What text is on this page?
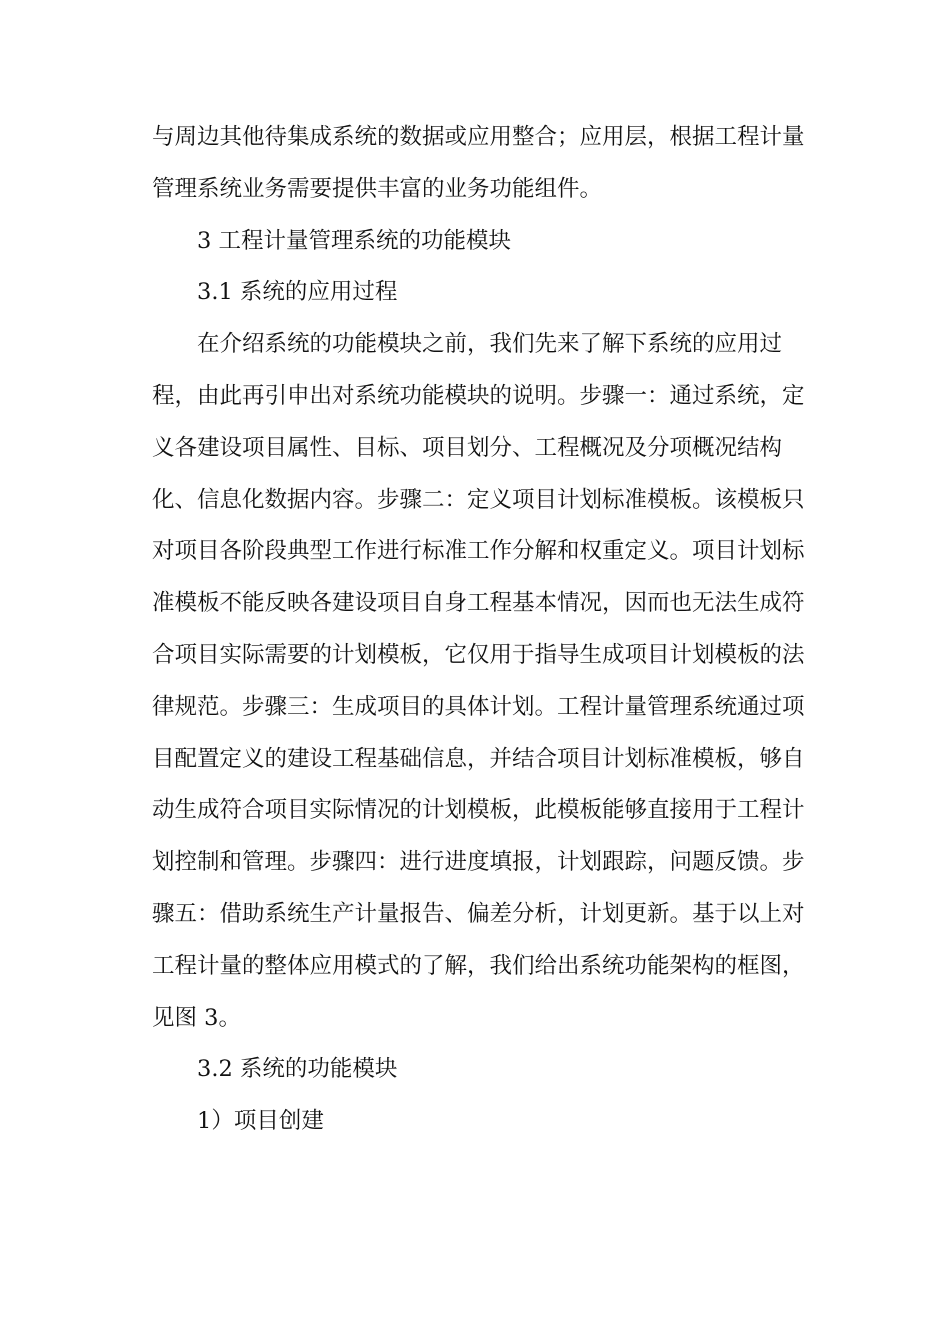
与周边其他待集成系统的数据或应用整合；应用层，根据工程计量
管理系统业务需要提供丰富的业务功能组件。
3 工程计量管理系统的功能模块
3.1 系统的应用过程
在介绍系统的功能模块之前，我们先来了解下系统的应用过
程，由此再引申出对系统功能模块的说明。步骤一：通过系统，定
义各建设项目属性、目标、项目划分、工程概况及分项概况结构
化、信息化数据内容。步骤二：定义项目计划标准模板。该模板只
对项目各阶段典型工作进行标准工作分解和权重定义。项目计划标
准模板不能反映各建设项目自身工程基本情况，因而也无法生成符
合项目实际需要的计划模板，它仅用于指导生成项目计划模板的法
律规范。步骤三：生成项目的具体计划。工程计量管理系统通过项
目配置定义的建设工程基础信息，并结合项目计划标准模板，够自
动生成符合项目实际情况的计划模板，此模板能够直接用于工程计
划控制和管理。步骤四：进行进度填报，计划跟踪，问题反馈。步
骤五：借助系统生产计量报告、偏差分析，计划更新。基于以上对
工程计量的整体应用模式的了解，我们给出系统功能架构的框图，
见图 3。
3.2 系统的功能模块
1）项目创建
